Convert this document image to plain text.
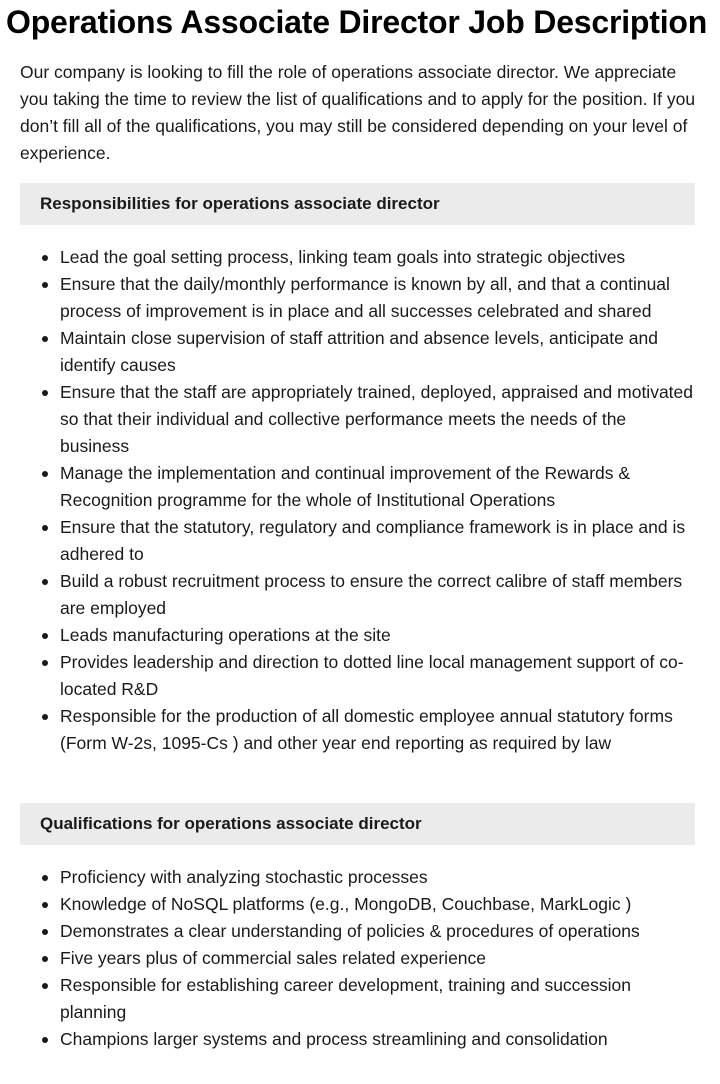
Operations Associate Director Job Description

Our company is looking to fill the role of operations associate director. We appreciate you taking the time to review the list of qualifications and to apply for the position. If you don’t fill all of the qualifications, you may still be considered depending on your level of experience.

Responsibilities for operations associate director
Lead the goal setting process, linking team goals into strategic objectives
Ensure that the daily/monthly performance is known by all, and that a continual process of improvement is in place and all successes celebrated and shared
Maintain close supervision of staff attrition and absence levels, anticipate and identify causes
Ensure that the staff are appropriately trained, deployed, appraised and motivated so that their individual and collective performance meets the needs of the business
Manage the implementation and continual improvement of the Rewards & Recognition programme for the whole of Institutional Operations
Ensure that the statutory, regulatory and compliance framework is in place and is adhered to
Build a robust recruitment process to ensure the correct calibre of staff members are employed
Leads manufacturing operations at the site
Provides leadership and direction to dotted line local management support of co-located R&D
Responsible for the production of all domestic employee annual statutory forms (Form W-2s, 1095-Cs ) and other year end reporting as required by law
Qualifications for operations associate director
Proficiency with analyzing stochastic processes
Knowledge of NoSQL platforms (e.g., MongoDB, Couchbase, MarkLogic )
Demonstrates a clear understanding of policies & procedures of operations
Five years plus of commercial sales related experience
Responsible for establishing career development, training and succession planning
Champions larger systems and process streamlining and consolidation
